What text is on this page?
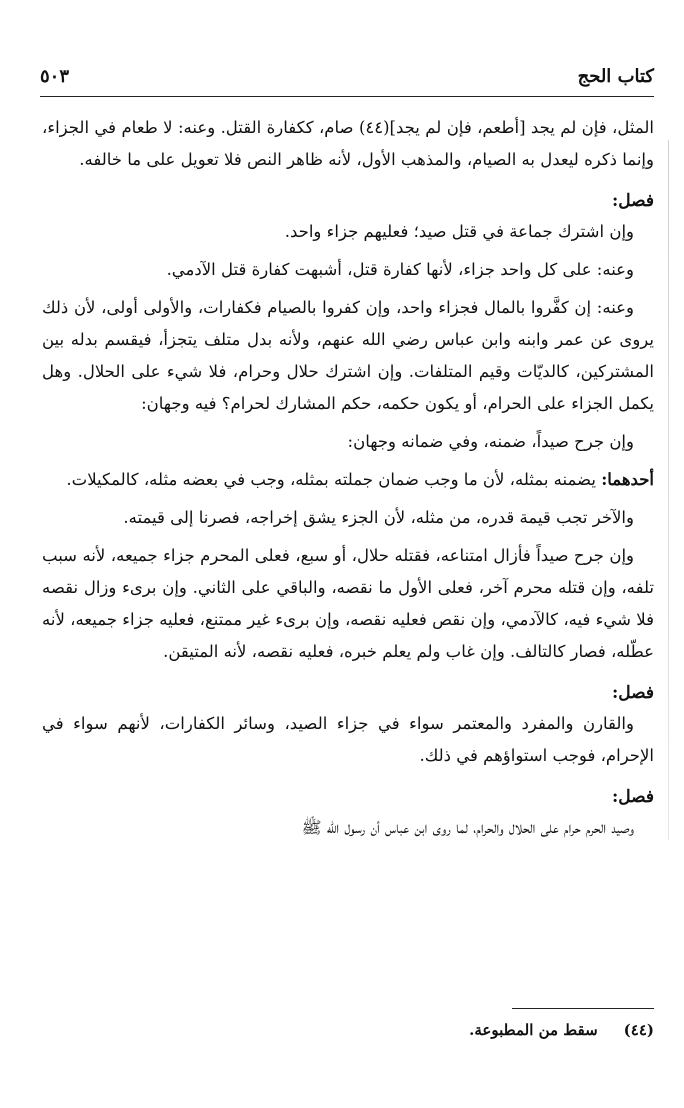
كتاب الحج
٥٠٣

المثل، فإن لم يجد [أطعم، فإن لم يجد](٤٤) صام، ككفارة القتل. وعنه: لا طعام في الجزاء، وإنما ذكره ليعدل به الصيام، والمذهب الأول، لأنه ظاهر النص فلا تعويل على ما خالفه.

فصل:

وإن اشترك جماعة في قتل صيد؛ فعليهم جزاء واحد.

وعنه: على كل واحد جزاء، لأنها كفارة قتل، أشبهت كفارة قتل الآدمي.

وعنه: إن كفَّروا بالمال فجزاء واحد، وإن كفروا بالصيام فكفارات، والأولى أولى، لأن ذلك يروى عن عمر وابنه وابن عباس رضي الله عنهم، ولأنه بدل متلف يتجزأ، فيقسم بدله بين المشتركين، كالديّات وقيم المتلفات. وإن اشترك حلال وحرام، فلا شيء على الحلال. وهل يكمل الجزاء على الحرام، أو يكون حكمه، حكم المشارك لحرام؟ فيه وجهان:

وإن جرح صيداً، ضمنه، وفي ضمانه وجهان:

أحدهما: يضمنه بمثله، لأن ما وجب ضمان جملته بمثله، وجب في بعضه مثله، كالمكيلات.

والآخر تجب قيمة قدره، من مثله، لأن الجزء يشق إخراجه، فصرنا إلى قيمته.

وإن جرح صيداً فأزال امتناعه، فقتله حلال، أو سبع، فعلى المحرم جزاء جميعه، لأنه سبب تلفه، وإن قتله محرم آخر، فعلى الأول ما نقصه، والباقي على الثاني. وإن برىء وزال نقصه فلا شيء فيه، كالآدمي، وإن نقص فعليه نقصه، وإن برىء غير ممتنع، فعليه جزاء جميعه، لأنه عطّله، فصار كالتالف. وإن غاب ولم يعلم خبره، فعليه نقصه، لأنه المتيقن.

فصل:

والقارن والمفرد والمعتمر سواء في جزاء الصيد، وسائر الكفارات، لأنهم سواء في الإحرام، فوجب استواؤهم في ذلك.

فصل:

وصيد الحرم حرام على الحلال والحرام، لما روى ابن عباس أن رسول الله ﷺ

(٤٤)سقط من المطبوعة.
